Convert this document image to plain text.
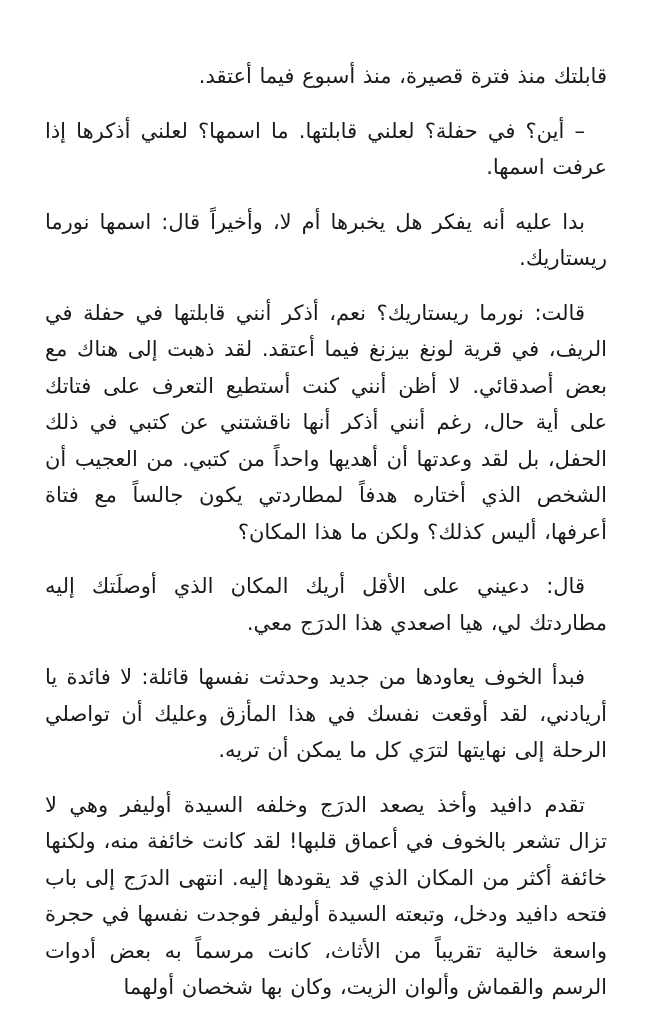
قابلتك منذ فترة قصيرة، منذ أسبوع فيما أعتقد.

– أين؟ في حفلة؟ لعلني قابلتها. ما اسمها؟ لعلني أذكرها إذا عرفت اسمها.

بدا عليه أنه يفكر هل يخبرها أم لا، وأخيراً قال: اسمها نورما ريستاريك.

قالت: نورما ريستاريك؟ نعم، أذكر أنني قابلتها في حفلة في الريف، في قرية لونغ بيزنغ فيما أعتقد. لقد ذهبت إلى هناك مع بعض أصدقائي. لا أظن أنني كنت أستطيع التعرف على فتاتك على أية حال، رغم أنني أذكر أنها ناقشتني عن كتبي في ذلك الحفل، بل لقد وعدتها أن أهديها واحداً من كتبي. من العجيب أن الشخص الذي أختاره هدفاً لمطاردتي يكون جالساً مع فتاة أعرفها، أليس كذلك؟ ولكن ما هذا المكان؟

قال: دعيني على الأقل أريك المكان الذي أوصلَتك إليه مطاردتك لي، هيا اصعدي هذا الدرَج معي.

فبدأ الخوف يعاودها من جديد وحدثت نفسها قائلة: لا فائدة يا أريادني، لقد أوقعت نفسك في هذا المأزق وعليك أن تواصلي الرحلة إلى نهايتها لترَي كل ما يمكن أن تريه.

تقدم دافيد وأخذ يصعد الدرَج وخلفه السيدة أوليفر وهي لا تزال تشعر بالخوف في أعماق قلبها! لقد كانت خائفة منه، ولكنها خائفة أكثر من المكان الذي قد يقودها إليه. انتهى الدرَج إلى باب فتحه دافيد ودخل، وتبعته السيدة أوليفر فوجدت نفسها في حجرة واسعة خالية تقريباً من الأثاث، كانت مرسماً به بعض أدوات الرسم والقماش وألوان الزيت، وكان بها شخصان أولهما
